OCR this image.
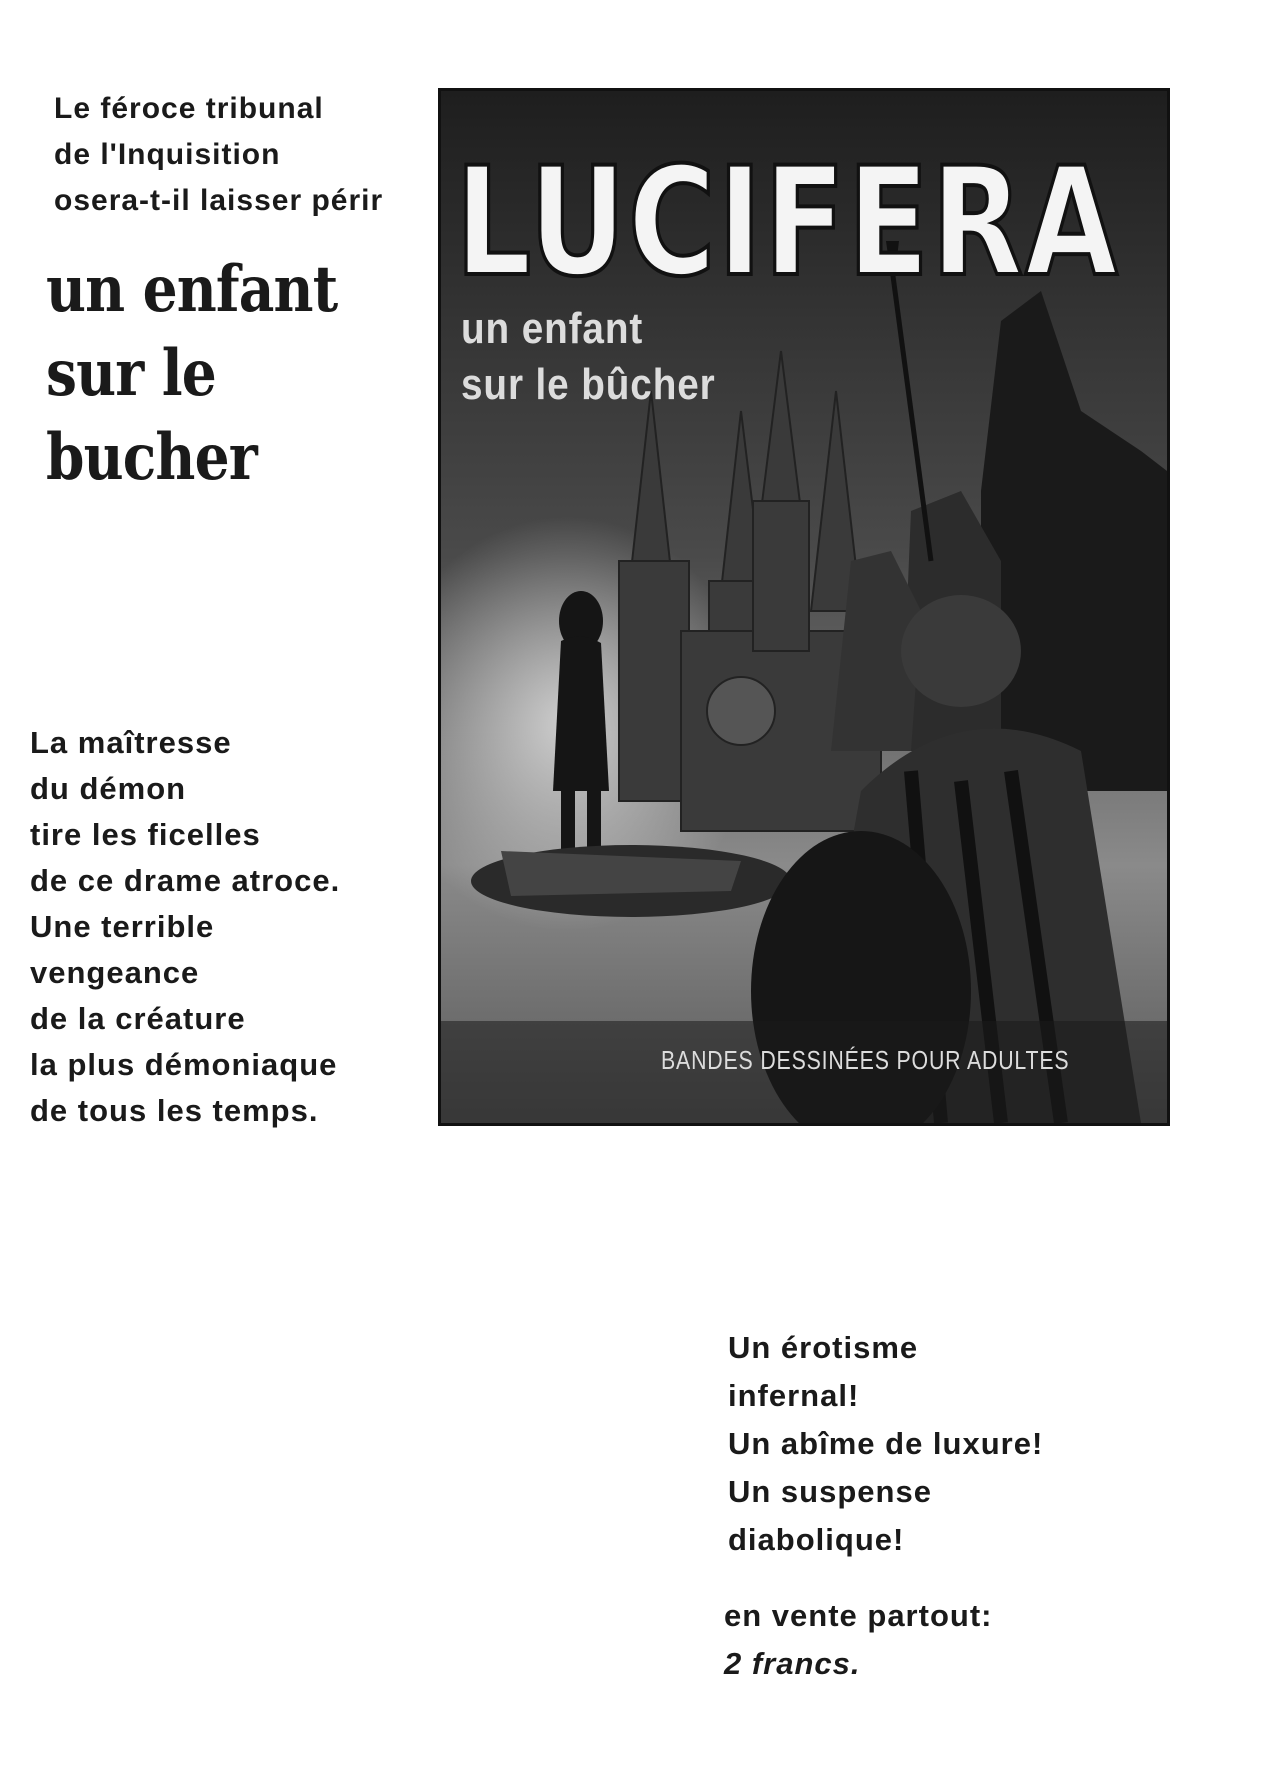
Le féroce tribunal
de l'Inquisition
osera-t-il laisser périr

un enfant
sur le
bucher

LUCIFERA

un enfant
sur le bûcher

BANDES DESSINÉES POUR ADULTES

La maîtresse
du démon
tire les ficelles
de ce drame atroce.
Une terrible
vengeance
de la créature
la plus démoniaque
de tous les temps.

Un érotisme
infernal!
Un abîme de luxure!
Un suspense
diabolique!

en vente partout:
2 francs.
